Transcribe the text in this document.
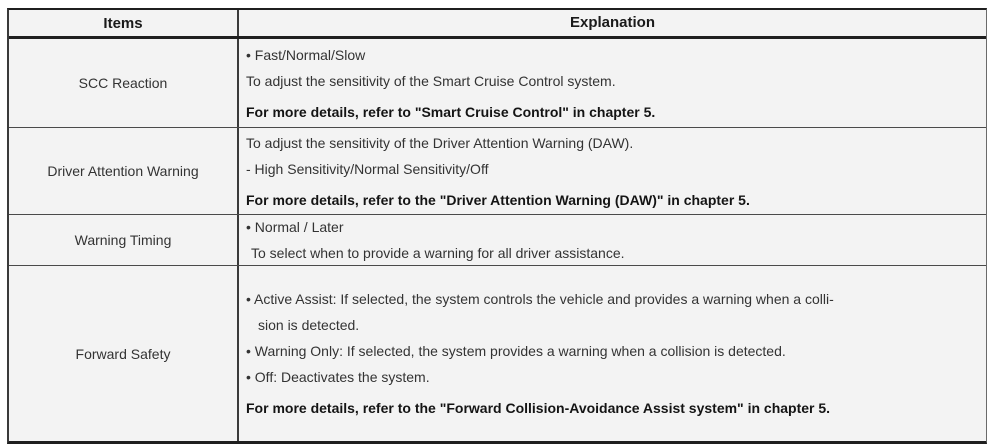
Items	Explanation
SCC Reaction
• Fast/Normal/Slow
To adjust the sensitivity of the Smart Cruise Control system.
For more details, refer to "Smart Cruise Control" in chapter 5.
Driver Attention Warning
To adjust the sensitivity of the Driver Attention Warning (DAW).
- High Sensitivity/Normal Sensitivity/Off
For more details, refer to the "Driver Attention Warning (DAW)" in chapter 5.
Warning Timing
• Normal / Later
To select when to provide a warning for all driver assistance.
Forward Safety
• Active Assist: If selected, the system controls the vehicle and provides a warning when a colli-
sion is detected.
• Warning Only: If selected, the system provides a warning when a collision is detected.
• Off: Deactivates the system.
For more details, refer to the "Forward Collision-Avoidance Assist system" in chapter 5.
